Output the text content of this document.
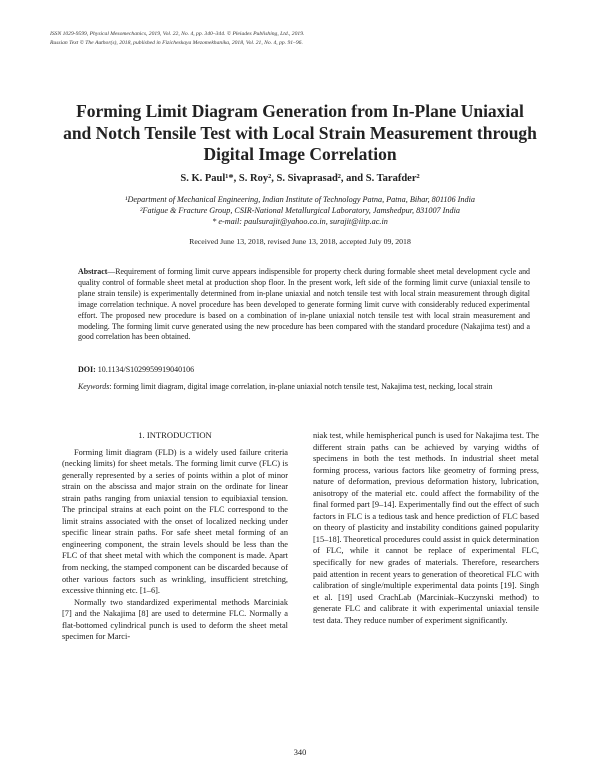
ISSN 1029-9599, Physical Mesomechanics, 2019, Vol. 22, No. 4, pp. 340–344. © Pleiades Publishing, Ltd., 2019.
Russian Text © The Author(s), 2018, published in Fizicheskaya Mezomekhanika, 2018, Vol. 21, No. 4, pp. 91–96.
Forming Limit Diagram Generation from In-Plane Uniaxial and Notch Tensile Test with Local Strain Measurement through Digital Image Correlation
S. K. Paul¹*, S. Roy², S. Sivaprasad², and S. Tarafder²
¹Department of Mechanical Engineering, Indian Institute of Technology Patna, Patna, Bihar, 801106 India
²Fatigue & Fracture Group, CSIR-National Metallurgical Laboratory, Jamshedpur, 831007 India
* e-mail: paulsurajit@yahoo.co.in, surajit@iitp.ac.in
Received June 13, 2018, revised June 13, 2018, accepted July 09, 2018
Abstract—Requirement of forming limit curve appears indispensible for property check during formable sheet metal development cycle and quality control of formable sheet metal at production shop floor. In the present work, left side of the forming limit curve (uniaxial tensile to plane strain tensile) is experimentally determined from in-plane uniaxial and notch tensile test with local strain measurement through digital image correlation technique. A novel procedure has been developed to generate forming limit curve with considerably reduced experimental effort. The proposed new procedure is based on a combination of in-plane uniaxial notch tensile test with local strain measurement and modeling. The forming limit curve generated using the new procedure has been compared with the standard procedure (Nakajima test) and a good correlation has been obtained.
DOI: 10.1134/S1029959919040106
Keywords: forming limit diagram, digital image correlation, in-plane uniaxial notch tensile test, Nakajima test, necking, local strain
1. INTRODUCTION

Forming limit diagram (FLD) is a widely used failure criteria (necking limits) for sheet metals. The forming limit curve (FLC) is generally represented by a series of points within a plot of minor strain on the abscissa and major strain on the ordinate for linear strain paths ranging from uniaxial tension to equibiaxial tension. The principal strains at each point on the FLC correspond to the limit strains associated with the onset of localized necking under specific linear strain paths. For safe sheet metal forming of an engineering component, the strain levels should be less than the FLC of that sheet metal with which the component is made. Apart from necking, the stamped component can be discarded because of other various factors such as wrinkling, insufficient stretching, excessive thinning etc. [1–6].

Normally two standardized experimental methods Marciniak [7] and the Nakajima [8] are used to determine FLC. Normally a flat-bottomed cylindrical punch is used to deform the sheet metal specimen for Marci-

niak test, while hemispherical punch is used for Nakajima test. The different strain paths can be achieved by varying widths of specimens in both the test methods. In industrial sheet metal forming process, various factors like geometry of forming press, nature of deformation, previous deformation history, lubrication, anisotropy of the material etc. could affect the formability of the final formed part [9–14]. Experimentally find out the effect of such factors in FLC is a tedious task and hence prediction of FLC based on theory of plasticity and instability conditions gained popularity [15–18]. Theoretical procedures could assist in quick determination of FLC, while it cannot be replace of experimental FLC, specifically for new grades of materials. Therefore, researchers paid attention in recent years to generation of theoretical FLC with calibration of single/multiple experimental data points [19]. Singh et al. [19] used CrachLab (Marciniak–Kuczynski method) to generate FLC and calibrate it with experimental uniaxial tensile test data. They reduce number of experiment significantly.

340
